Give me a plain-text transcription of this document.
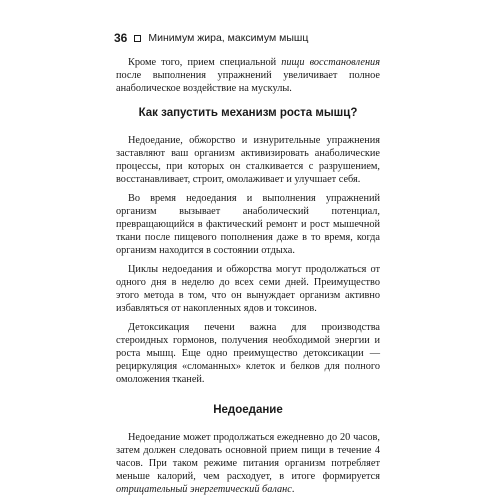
36 Минимум жира, максимум мышц

Кроме того, прием специальной пищи восстановления после выполнения упражнений увеличивает полное анаболическое воздействие на мускулы.

Как запустить механизм роста мышц?

Недоедание, обжорство и изнурительные упражнения заставляют ваш организм активизировать анаболические процессы, при которых он сталкивается с разрушением, восстанавливает, строит, омолаживает и улучшает себя.

Во время недоедания и выполнения упражнений организм вызывает анаболический потенциал, превращающийся в фактический ремонт и рост мышечной ткани после пищевого пополнения даже в то время, когда организм находится в состоянии отдыха.

Циклы недоедания и обжорства могут продолжаться от одного дня в неделю до всех семи дней. Преимущество этого метода в том, что он вынуждает организм активно избавляться от накопленных ядов и токсинов.

Детоксикация печени важна для производства стероидных гормонов, получения необходимой энергии и роста мышц. Еще одно преимущество детоксикации — рециркуляция «сломанных» клеток и белков для полного омоложения тканей.

Недоедание

Недоедание может продолжаться ежедневно до 20 часов, затем должен следовать основной прием пищи в течение 4 часов. При таком режиме питания организм потребляет меньше калорий, чем расходует, в итоге формируется отрицательный энергетический баланс.
